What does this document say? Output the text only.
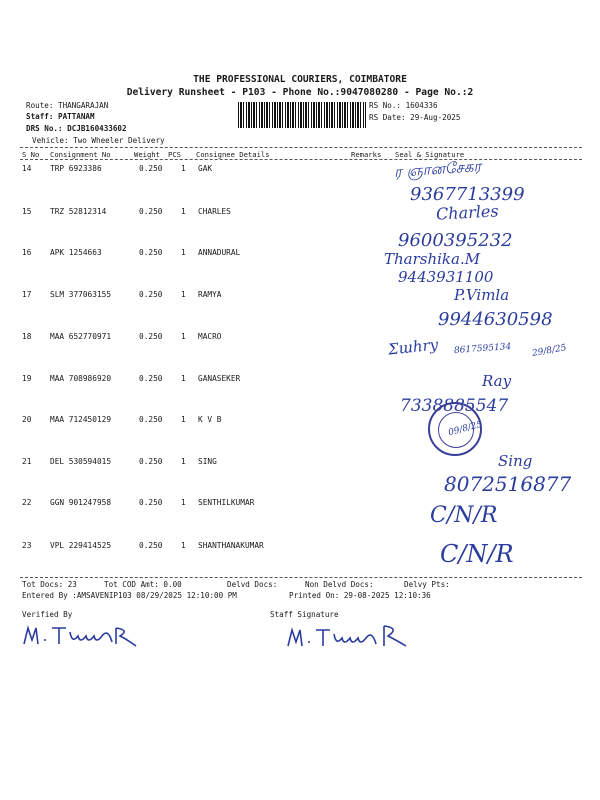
THE PROFESSIONAL COURIERS, COIMBATORE
Delivery Runsheet - P103 - Phone No.:9047080280 - Page No.:2
Route: THANGARAJAN
Staff: PATTANAM
DRS No.: DCJB160433602
Vehicle: Two Wheeler Delivery
RS No.: 1604336
RS Date: 29-Aug-2025
S No Consignment No	Weight PCS Consignee Details	Remarks Seal & Signature
14 TRP 6923386	0.250 1 GAK
15 TRZ 52812314	0.250 1 CHARLES
16 APK 1254663	0.250 1 ANNADURAL
17 SLM 377063155	0.250 1 RAMYA
18 MAA 652770971	0.250 1 MACRO
19 MAA 708986920	0.250 1 GANASEKER
20 MAA 712450129	0.250 1 K V B
21 DEL 530594015	0.250 1 SING
22 GGN 901247958	0.250 1 SENTHILKUMAR
23 VPL 229414525	0.250 1 SHANTHANAKUMAR
ர ஞானசேகர
9367713399
Charles
9600395232
Tharshika.M
9443931100
P.Vimla
9944630598
Ʃɯhry 8617595134 29/8/25
Ray
7338885547
09/8/25
Sing
8072516877
C/N/R
C/N/R
Tot Docs: 23	Tot COD Amt: 0.00	Delvd Docs:	Non Delvd Docs:	Delvy Pts:
Entered By :AMSAVENIP103 08/29/2025 12:10:00 PM	Printed On: 29-08-2025 12:10:36
Verified By	Staff Signature
